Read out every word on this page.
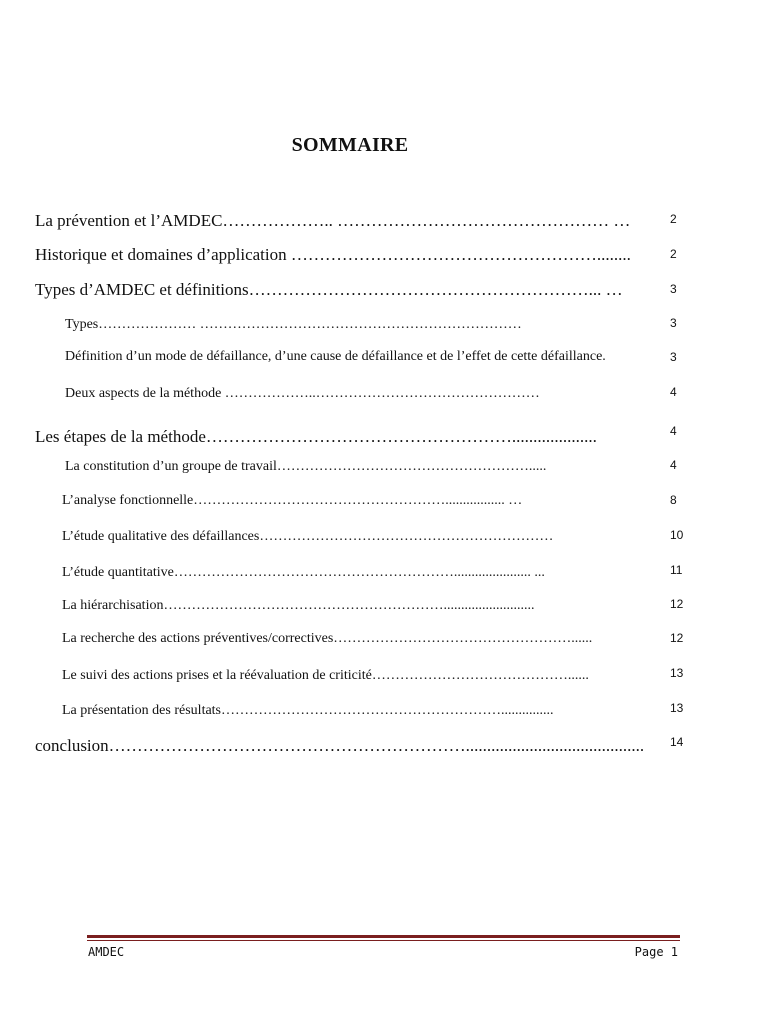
SOMMAIRE
La prévention et l’AMDEC……………….. ………………………………………… …	2
Historique et domaines d’application ………………………………………………........	2
Types d’AMDEC et définitions……………………………………………………... …	3
Types………………… ……………………………………………………………	3
Définition d’un mode de défaillance, d’une cause de défaillance et de l’effet de cette défaillance.	3
Deux aspects de la méthode ………………..…………………………………………	4
Les étapes de la méthode………………………………………………....................	4
La constitution d’un groupe de travail……………………………………………….....	4
L’analyse fonctionnelle………………………………………………................. …	8
L’étude qualitative des défaillances………………………………………………………	10
L’étude quantitative……………………………………………………...................... ...	11
La hiérarchisation……………………………………………………..........................	12
La recherche des actions préventives/correctives……………………………………………......	12
Le suivi des actions prises et la réévaluation de criticité……………………………………......	13
La présentation des résultats……………………………………………………...............	13
conclusion………………………………………………………..........................................	14
AMDEC	Page 1
